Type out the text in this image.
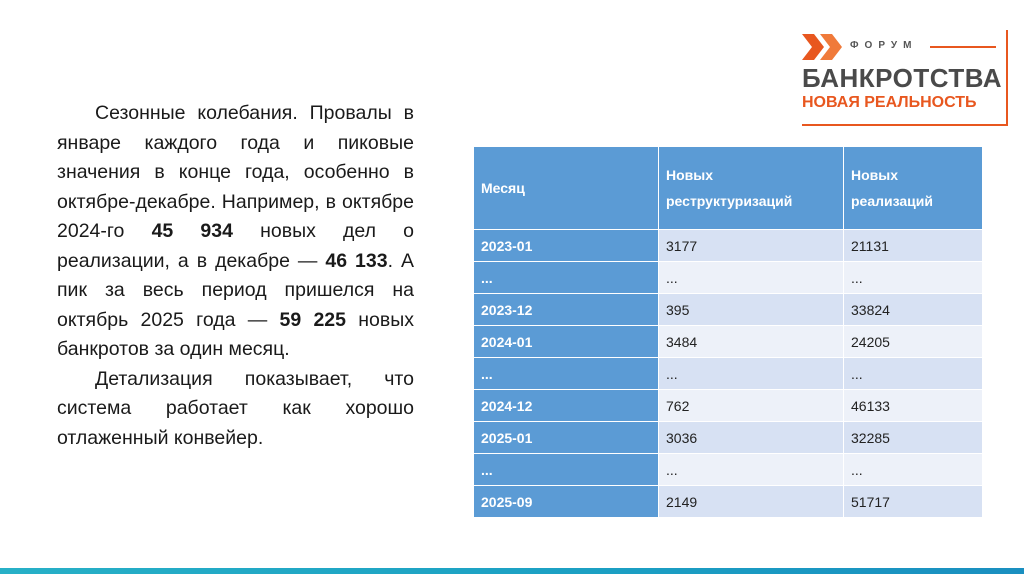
ФОРУМ
БАНКРОТСТВА
НОВАЯ РЕАЛЬНОСТЬ

Сезонные колебания. Провалы в январе каждого года и пиковые значения в конце года, особенно в октябре-декабре. Например, в октябре 2024-го 45 934 новых дел о реализации, а в декабре — 46 133. А пик за весь период пришелся на октябрь 2025 года — 59 225 новых банкротов за один месяц.

Детализация показывает, что система работает как хорошо отлаженный конвейер.

Месяц	Новых реструктуризаций	Новых реализаций
2023-01	3177	21131
...	...	...
2023-12	395	33824
2024-01	3484	24205
...	...	...
2024-12	762	46133
2025-01	3036	32285
...	...	...
2025-09	2149	51717
